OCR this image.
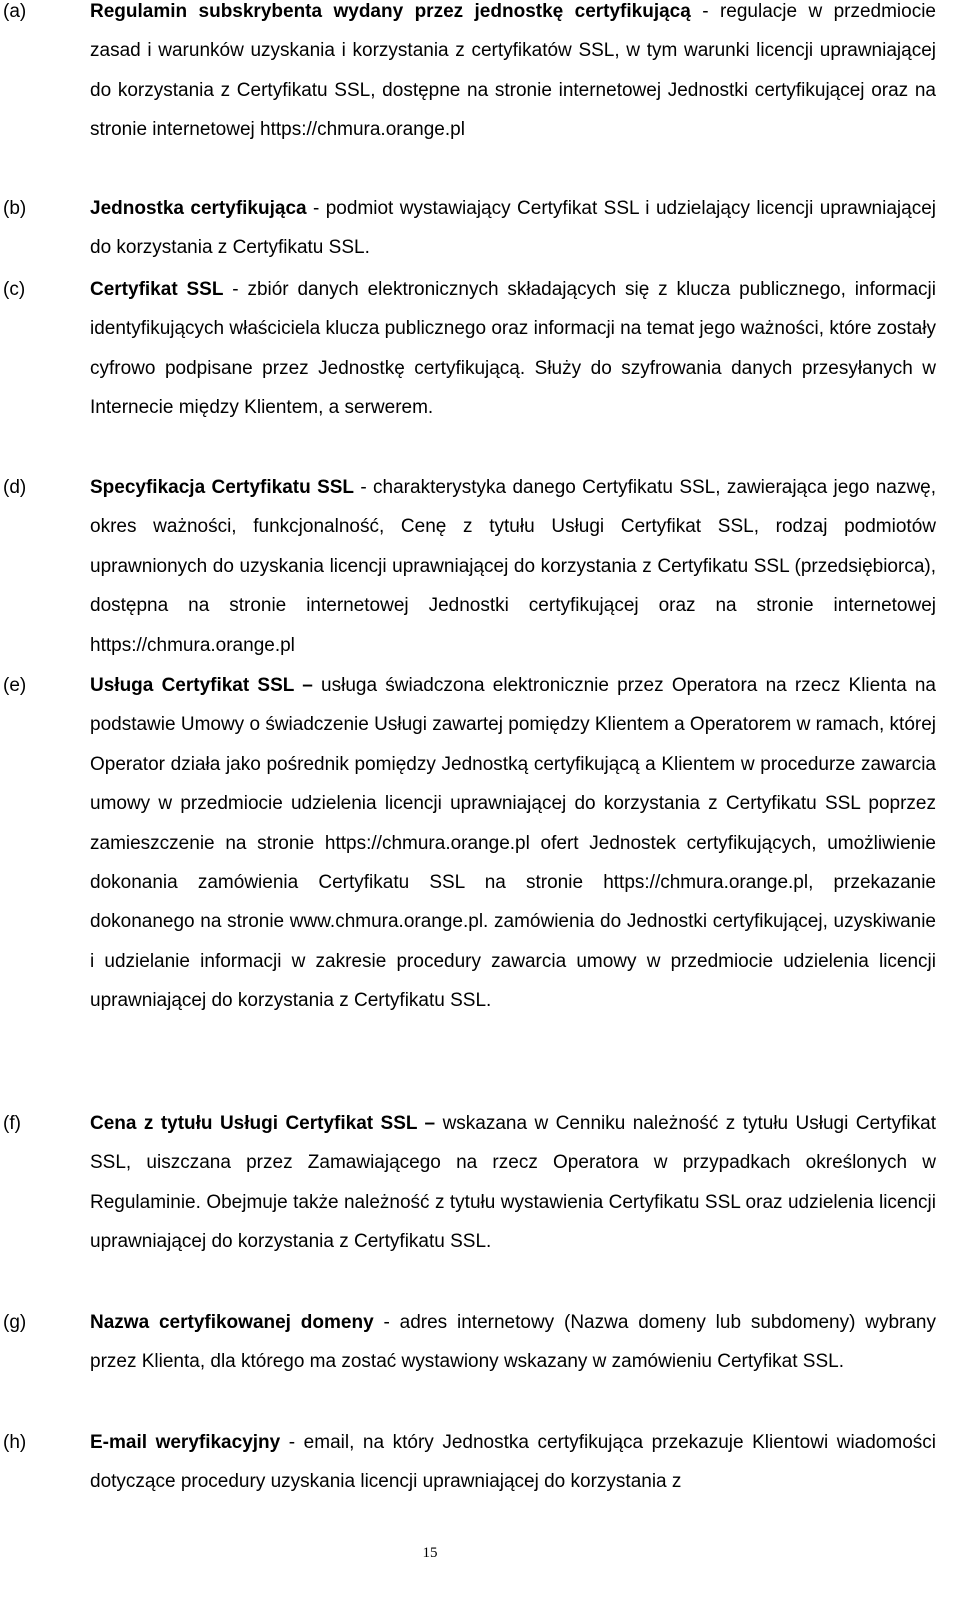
(a)	Regulamin subskrybenta wydany przez jednostkę certyfikującą - regulacje w przedmiocie zasad i warunków uzyskania i korzystania z certyfikatów SSL, w tym warunki licencji uprawniającej do korzystania z Certyfikatu SSL, dostępne na stronie internetowej Jednostki certyfikującej oraz na stronie internetowej https://chmura.orange.pl
(b)	Jednostka certyfikująca - podmiot wystawiający Certyfikat SSL i udzielający licencji uprawniającej do korzystania z Certyfikatu SSL.
(c)	Certyfikat SSL - zbiór danych elektronicznych składających się z klucza publicznego, informacji identyfikujących właściciela klucza publicznego oraz informacji na temat jego ważności, które zostały cyfrowo podpisane przez Jednostkę certyfikującą. Służy do szyfrowania danych przesyłanych w Internecie między Klientem, a serwerem.
(d)	Specyfikacja Certyfikatu SSL - charakterystyka danego Certyfikatu SSL, zawierająca jego nazwę, okres ważności, funkcjonalność, Cenę z tytułu Usługi Certyfikat SSL, rodzaj podmiotów uprawnionych do uzyskania licencji uprawniającej do korzystania z Certyfikatu SSL (przedsiębiorca), dostępna na stronie internetowej Jednostki certyfikującej oraz na stronie internetowej https://chmura.orange.pl
(e)	Usługa Certyfikat SSL – usługa świadczona elektronicznie przez Operatora na rzecz Klienta na podstawie Umowy o świadczenie Usługi zawartej pomiędzy Klientem a Operatorem w ramach, której Operator działa jako pośrednik pomiędzy Jednostką certyfikującą a Klientem w procedurze zawarcia umowy w przedmiocie udzielenia licencji uprawniającej do korzystania z Certyfikatu SSL poprzez zamieszczenie na stronie https://chmura.orange.pl ofert Jednostek certyfikujących, umożliwienie dokonania zamówienia Certyfikatu SSL na stronie https://chmura.orange.pl, przekazanie dokonanego na stronie www.chmura.orange.pl. zamówienia do Jednostki certyfikującej, uzyskiwanie i udzielanie informacji w zakresie procedury zawarcia umowy w przedmiocie udzielenia licencji uprawniającej do korzystania z Certyfikatu SSL.
(f)	Cena z tytułu Usługi Certyfikat SSL – wskazana w Cenniku należność z tytułu Usługi Certyfikat SSL, uiszczana przez Zamawiającego na rzecz Operatora w przypadkach określonych w Regulaminie. Obejmuje także należność z tytułu wystawienia Certyfikatu SSL oraz udzielenia licencji uprawniającej do korzystania z Certyfikatu SSL.
(g)	Nazwa certyfikowanej domeny - adres internetowy (Nazwa domeny lub subdomeny) wybrany przez Klienta, dla którego ma zostać wystawiony wskazany w zamówieniu Certyfikat SSL.
(h)	E-mail weryfikacyjny - email, na który Jednostka certyfikująca przekazuje Klientowi wiadomości dotyczące procedury uzyskania licencji uprawniającej do korzystania z
15
